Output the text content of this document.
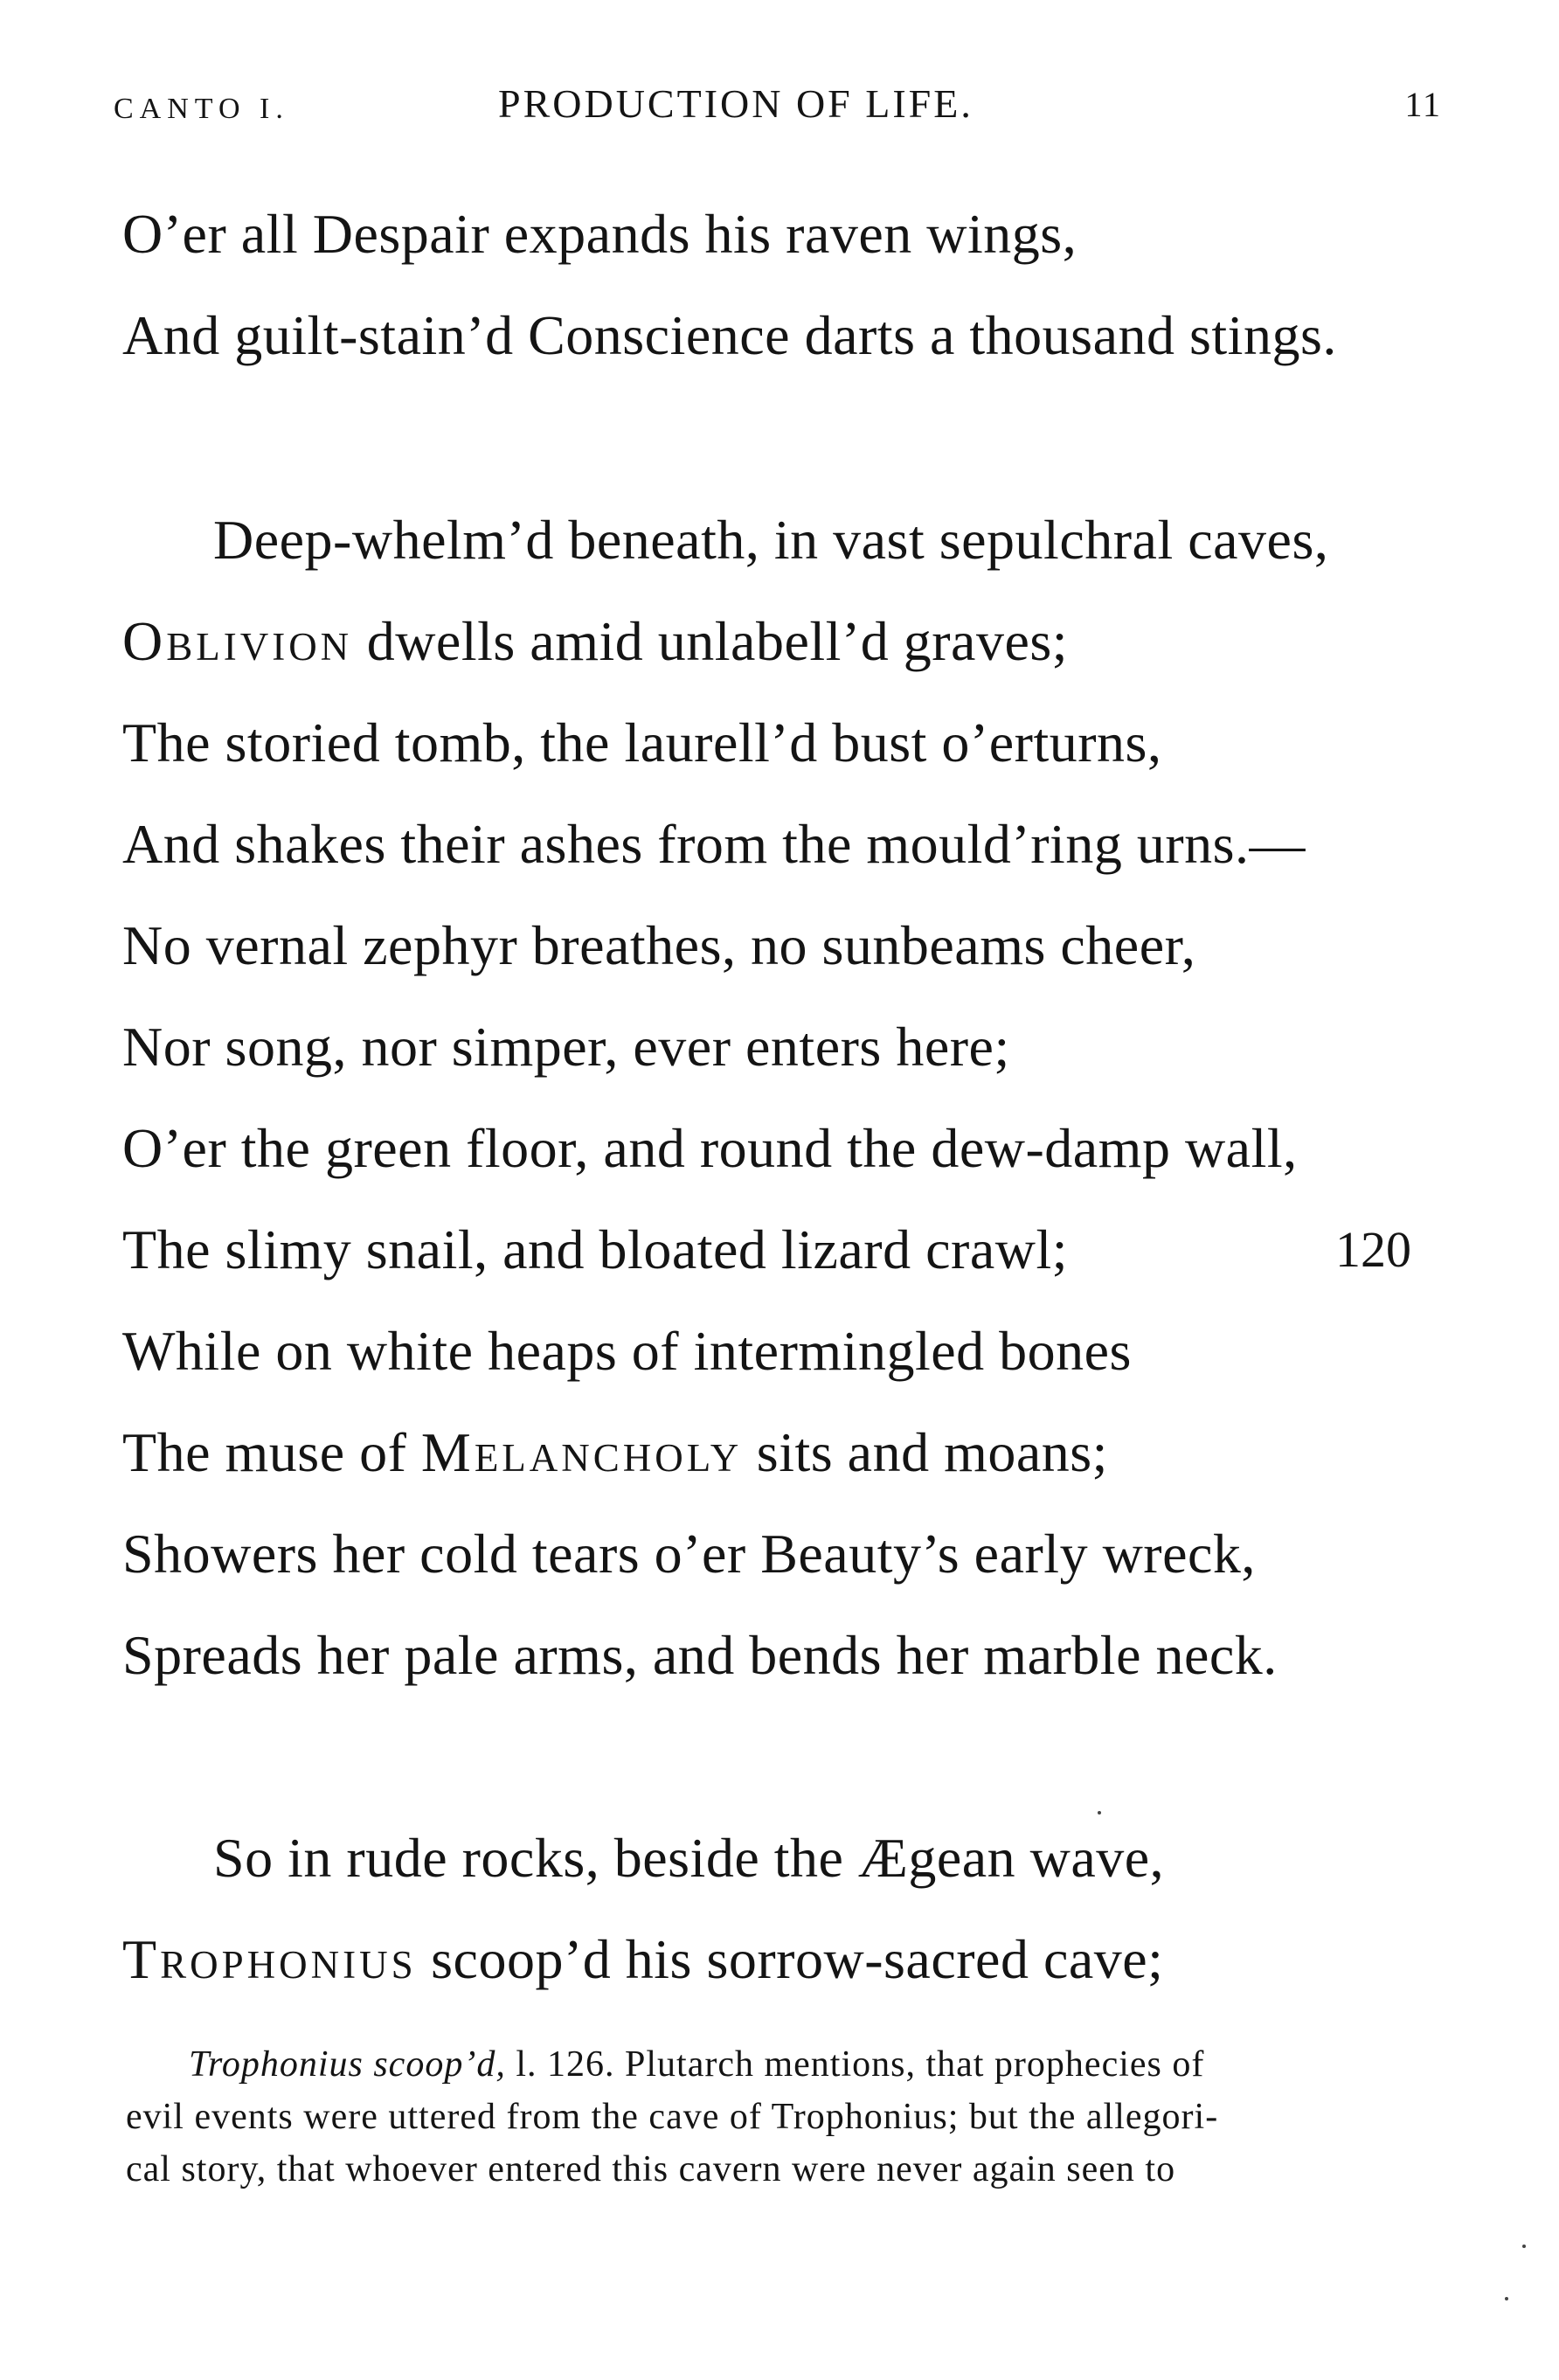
CANTO I.	PRODUCTION OF LIFE.	11
O’er all Despair expands his raven wings,
And guilt-stain’d Conscience darts a thousand stings.
Deep-whelm’d beneath, in vast sepulchral caves,
Oblivion dwells amid unlabell’d graves;
The storied tomb, the laurell’d bust o’erturns,
And shakes their ashes from the mould’ring urns.—
No vernal zephyr breathes, no sunbeams cheer,
Nor song, nor simper, ever enters here;
O’er the green floor, and round the dew-damp wall,
The slimy snail, and bloated lizard crawl;	120
While on white heaps of intermingled bones
The muse of Melancholy sits and moans;
Showers her cold tears o’er Beauty’s early wreck,
Spreads her pale arms, and bends her marble neck.
So in rude rocks, beside the Ægean wave,
Trophonius scoop’d his sorrow-sacred cave;
Trophonius scoop’d, l. 126. Plutarch mentions, that prophecies of
evil events were uttered from the cave of Trophonius; but the allegori-
cal story, that whoever entered this cavern were never again seen to
